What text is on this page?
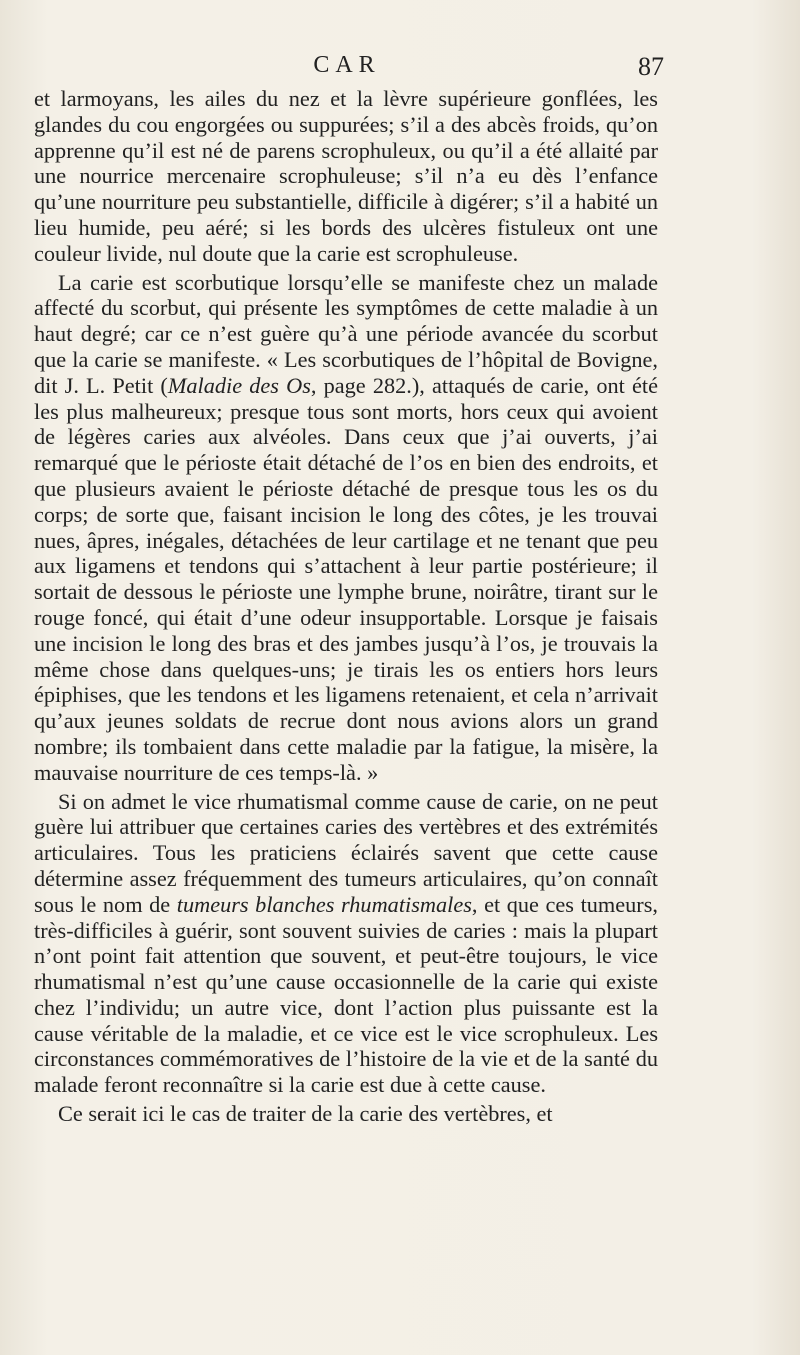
CAR	87

et larmoyans, les ailes du nez et la lèvre supérieure gonflées, les glandes du cou engorgées ou suppurées; s’il a des abcès froids, qu’on apprenne qu’il est né de parens scrophuleux, ou qu’il a été allaité par une nourrice mercenaire scrophuleuse; s’il n’a eu dès l’enfance qu’une nourriture peu substantielle, difficile à digérer; s’il a habité un lieu humide, peu aéré; si les bords des ulcères fistuleux ont une couleur livide, nul doute que la carie est scrophuleuse.

La carie est scorbutique lorsqu’elle se manifeste chez un malade affecté du scorbut, qui présente les symptômes de cette maladie à un haut degré; car ce n’est guère qu’à une période avancée du scorbut que la carie se manifeste. « Les scorbutiques de l’hôpital de Bovigne, dit J. L. Petit (Maladie des Os, page 282.), attaqués de carie, ont été les plus malheureux; presque tous sont morts, hors ceux qui avoient de légères caries aux alvéoles. Dans ceux que j’ai ouverts, j’ai remarqué que le périoste était détaché de l’os en bien des endroits, et que plusieurs avaient le périoste détaché de presque tous les os du corps; de sorte que, faisant incision le long des côtes, je les trouvai nues, âpres, inégales, détachées de leur cartilage et ne tenant que peu aux ligamens et tendons qui s’attachent à leur partie postérieure; il sortait de dessous le périoste une lymphe brune, noirâtre, tirant sur le rouge foncé, qui était d’une odeur insupportable. Lorsque je faisais une incision le long des bras et des jambes jusqu’à l’os, je trouvais la même chose dans quelques-uns; je tirais les os entiers hors leurs épiphises, que les tendons et les ligamens retenaient, et cela n’arrivait qu’aux jeunes soldats de recrue dont nous avions alors un grand nombre; ils tombaient dans cette maladie par la fatigue, la misère, la mauvaise nourriture de ces temps-là. »

Si on admet le vice rhumatismal comme cause de carie, on ne peut guère lui attribuer que certaines caries des vertèbres et des extrémités articulaires. Tous les praticiens éclairés savent que cette cause détermine assez fréquemment des tumeurs articulaires, qu’on connaît sous le nom de tumeurs blanches rhumatismales, et que ces tumeurs, très-difficiles à guérir, sont souvent suivies de caries : mais la plupart n’ont point fait attention que souvent, et peut-être toujours, le vice rhumatismal n’est qu’une cause occasionnelle de la carie qui existe chez l’individu; un autre vice, dont l’action plus puissante est la cause véritable de la maladie, et ce vice est le vice scrophuleux. Les circonstances commémoratives de l’histoire de la vie et de la santé du malade feront reconnaître si la carie est due à cette cause.

Ce serait ici le cas de traiter de la carie des vertèbres, et
